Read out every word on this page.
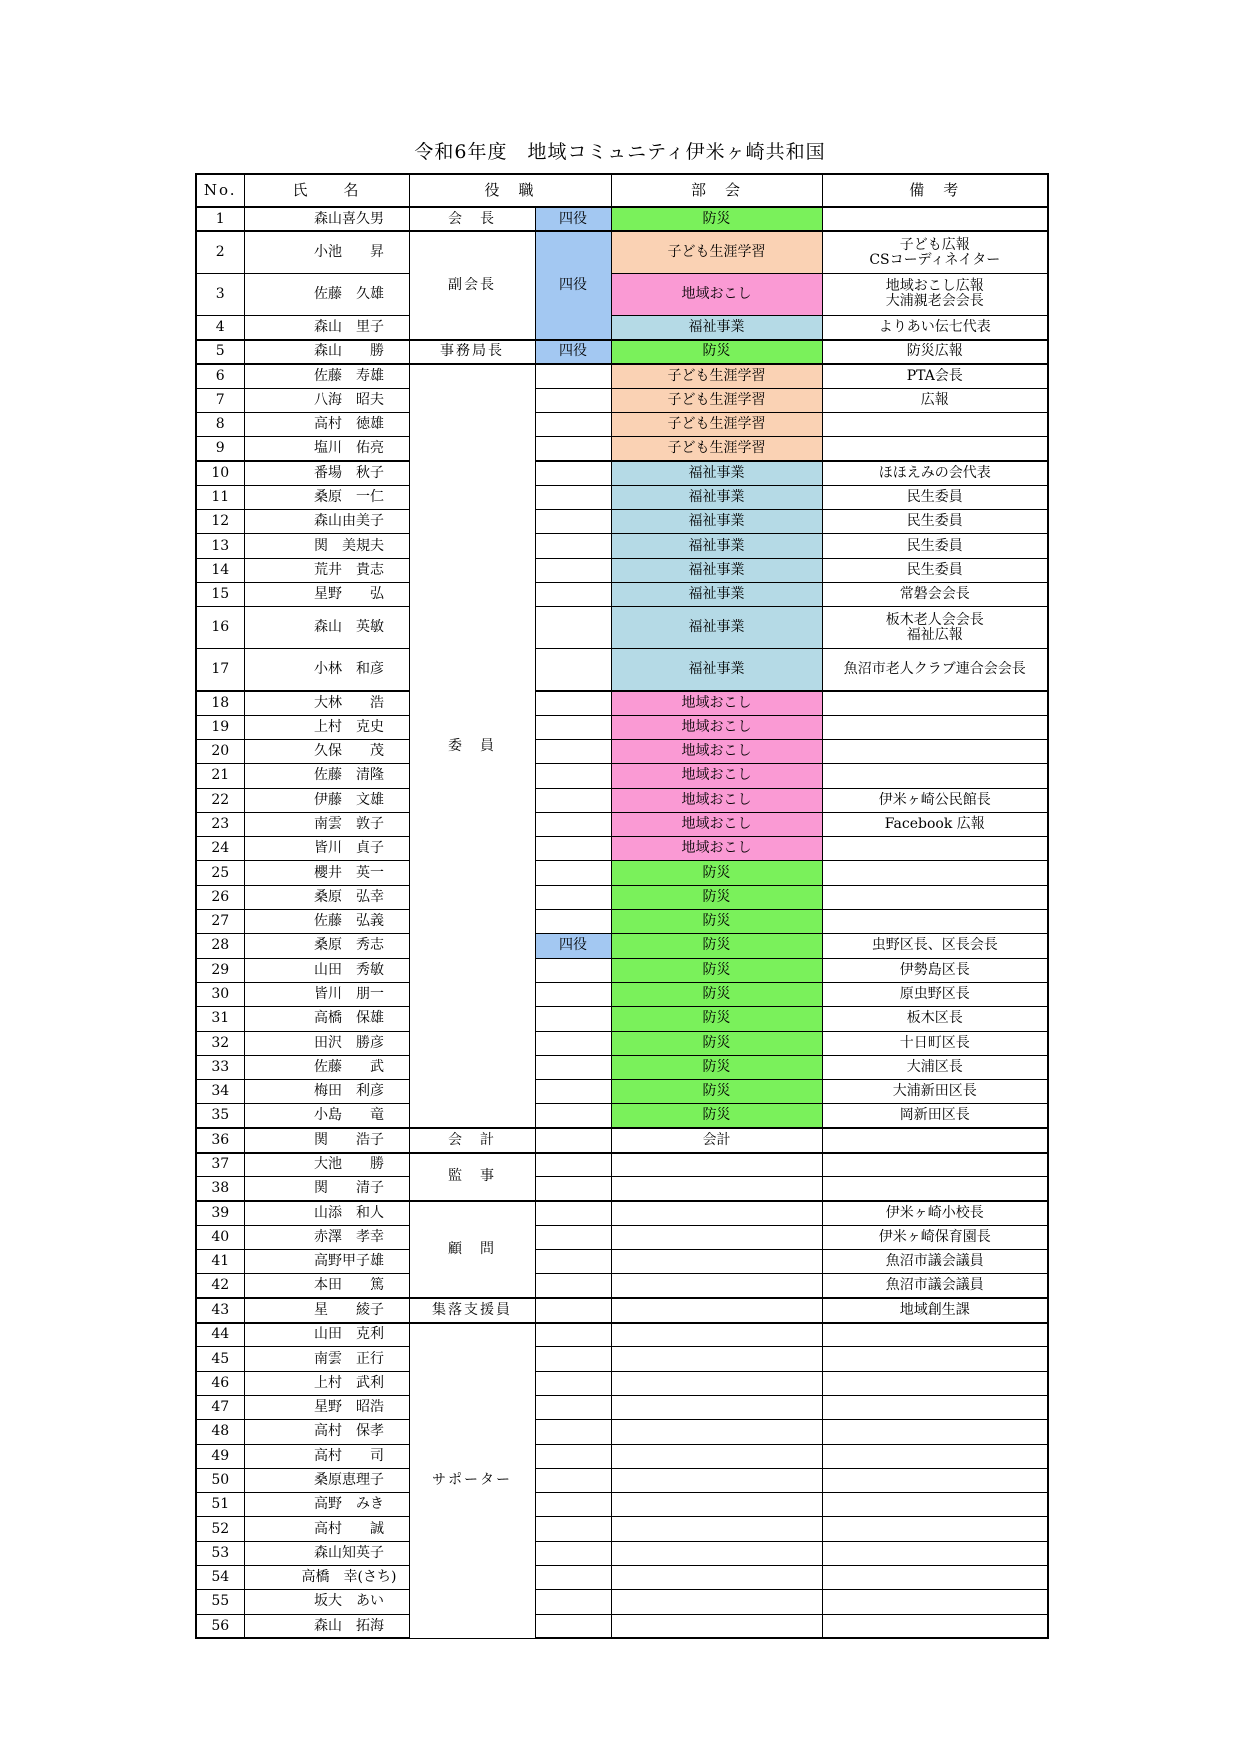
令和6年度　地域コミュニティ伊米ヶ崎共和国
No.	氏　　名	役　職		部　会	備　考
1	森山喜久男	会　長	四役	防災	
2	小池　　昇	副会長	四役	子ども生涯学習	子ども広報
CSコーディネイター
3	佐藤　久雄			地域おこし	地域おこし広報
大浦親老会会長
4	森山　里子			福祉事業	よりあい伝七代表
5	森山　　勝	事務局長	四役	防災	防災広報
6	佐藤　寿雄	委　員		子ども生涯学習	PTA会長
7	八海　昭夫			子ども生涯学習	広報
8	高村　徳雄			子ども生涯学習	
9	塩川　佑亮			子ども生涯学習	
10	番場　秋子			福祉事業	ほほえみの会代表
11	桑原　一仁			福祉事業	民生委員
12	森山由美子			福祉事業	民生委員
13	関　美規夫			福祉事業	民生委員
14	荒井　貴志			福祉事業	民生委員
15	星野　　弘			福祉事業	常磐会会長
16	森山　英敏			福祉事業	板木老人会会長
福祉広報
17	小林　和彦			福祉事業	魚沼市老人クラブ連合会会長
18	大林　　浩			地域おこし	
19	上村　克史			地域おこし	
20	久保　　茂			地域おこし	
21	佐藤　清隆			地域おこし	
22	伊藤　文雄			地域おこし	伊米ヶ崎公民館長
23	南雲　敦子			地域おこし	Facebook 広報
24	皆川　貞子			地域おこし	
25	櫻井　英一			防災	
26	桑原　弘幸			防災	
27	佐藤　弘義			防災	
28	桑原　秀志		四役	防災	虫野区長、区長会長
29	山田　秀敏			防災	伊勢島区長
30	皆川　朋一			防災	原虫野区長
31	高橋　保雄			防災	板木区長
32	田沢　勝彦			防災	十日町区長
33	佐藤　　武			防災	大浦区長
34	梅田　利彦			防災	大浦新田区長
35	小島　　竜			防災	岡新田区長
36	関　　浩子	会　計		会計	
37	大池　　勝	監　事			
38	関　　清子				
39	山添　和人	顧　問			伊米ヶ崎小校長
40	赤澤　孝幸				伊米ヶ崎保育園長
41	高野甲子雄				魚沼市議会議員
42	本田　　篤				魚沼市議会議員
43	星　　綾子	集落支援員			地域創生課
44	山田　克利	サポーター			
45	南雲　正行				
46	上村　武利				
47	星野　昭浩				
48	高村　保孝				
49	高村　　司				
50	桑原恵理子				
51	高野　みき				
52	高村　　誠				
53	森山知英子				
54	高橋　幸(さち)				
55	坂大　あい				
56	森山　拓海				
